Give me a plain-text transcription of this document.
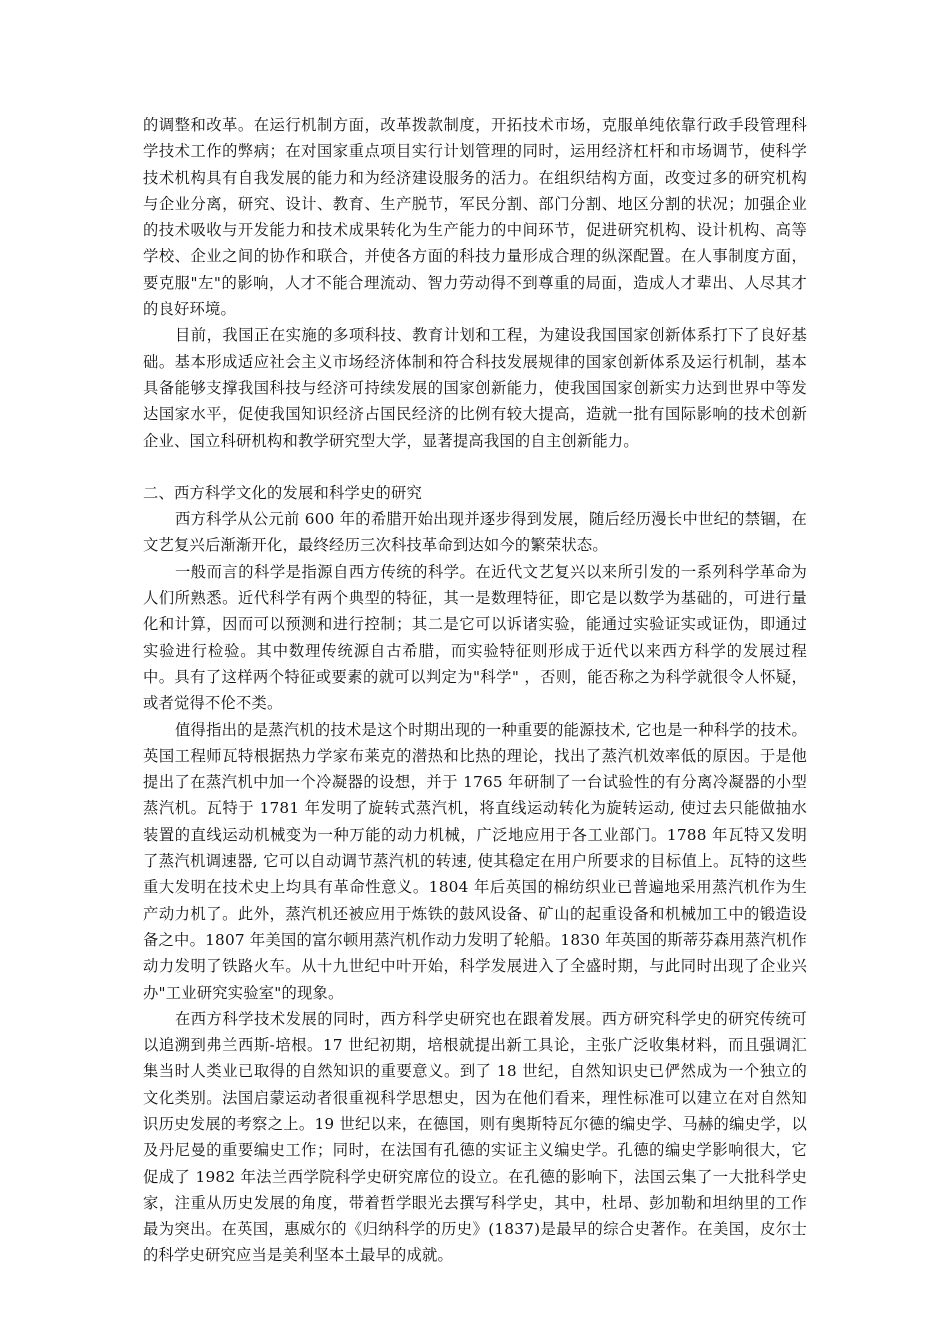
的调整和改革。在运行机制方面，改革拨款制度，开拓技术市场，克服单纯依靠行政手段管理科学技术工作的弊病；在对国家重点项目实行计划管理的同时，运用经济杠杆和市场调节，使科学技术机构具有自我发展的能力和为经济建设服务的活力。在组织结构方面，改变过多的研究机构与企业分离，研究、设计、教育、生产脱节，军民分割、部门分割、地区分割的状况；加强企业的技术吸收与开发能力和技术成果转化为生产能力的中间环节，促进研究机构、设计机构、高等学校、企业之间的协作和联合，并使各方面的科技力量形成合理的纵深配置。在人事制度方面，要克服"左"的影响，人才不能合理流动、智力劳动得不到尊重的局面，造成人才辈出、人尽其才的良好环境。

目前，我国正在实施的多项科技、教育计划和工程，为建设我国国家创新体系打下了良好基础。基本形成适应社会主义市场经济体制和符合科技发展规律的国家创新体系及运行机制，基本具备能够支撑我国科技与经济可持续发展的国家创新能力，使我国国家创新实力达到世界中等发达国家水平，促使我国知识经济占国民经济的比例有较大提高，造就一批有国际影响的技术创新企业、国立科研机构和教学研究型大学，显著提高我国的自主创新能力。

二、西方科学文化的发展和科学史的研究

西方科学从公元前 600 年的希腊开始出现并逐步得到发展，随后经历漫长中世纪的禁锢，在文艺复兴后渐渐开化，最终经历三次科技革命到达如今的繁荣状态。

一般而言的科学是指源自西方传统的科学。在近代文艺复兴以来所引发的一系列科学革命为人们所熟悉。近代科学有两个典型的特征，其一是数理特征，即它是以数学为基础的，可进行量化和计算，因而可以预测和进行控制；其二是它可以诉诸实验，能通过实验证实或证伪，即通过实验进行检验。其中数理传统源自古希腊，而实验特征则形成于近代以来西方科学的发展过程中。具有了这样两个特征或要素的就可以判定为"科学" ，否则，能否称之为科学就很令人怀疑，或者觉得不伦不类。

值得指出的是蒸汽机的技术是这个时期出现的一种重要的能源技术, 它也是一种科学的技术。英国工程师瓦特根据热力学家布莱克的潜热和比热的理论，找出了蒸汽机效率低的原因。于是他提出了在蒸汽机中加一个冷凝器的设想，并于 1765 年研制了一台试验性的有分离冷凝器的小型蒸汽机。瓦特于 1781 年发明了旋转式蒸汽机，将直线运动转化为旋转运动, 使过去只能做抽水装置的直线运动机械变为一种万能的动力机械，广泛地应用于各工业部门。1788 年瓦特又发明了蒸汽机调速器, 它可以自动调节蒸汽机的转速, 使其稳定在用户所要求的目标值上。瓦特的这些重大发明在技术史上均具有革命性意义。1804 年后英国的棉纺织业已普遍地采用蒸汽机作为生产动力机了。此外，蒸汽机还被应用于炼铁的鼓风设备、矿山的起重设备和机械加工中的锻造设备之中。1807 年美国的富尔顿用蒸汽机作动力发明了轮船。1830 年英国的斯蒂芬森用蒸汽机作动力发明了铁路火车。从十九世纪中叶开始，科学发展进入了全盛时期，与此同时出现了企业兴办"工业研究实验室"的现象。

在西方科学技术发展的同时，西方科学史研究也在跟着发展。西方研究科学史的研究传统可以追溯到弗兰西斯-培根。17 世纪初期，培根就提出新工具论，主张广泛收集材料，而且强调汇集当时人类业已取得的自然知识的重要意义。到了 18 世纪，自然知识史已俨然成为一个独立的文化类别。法国启蒙运动者很重视科学思想史，因为在他们看来，理性标准可以建立在对自然知识历史发展的考察之上。19 世纪以来，在德国，则有奥斯特瓦尔德的编史学、马赫的编史学，以及丹尼曼的重要编史工作；同时，在法国有孔德的实证主义编史学。孔德的编史学影响很大，它促成了 1982 年法兰西学院科学史研究席位的设立。在孔德的影响下，法国云集了一大批科学史家，注重从历史发展的角度，带着哲学眼光去撰写科学史，其中，杜昂、彭加勒和坦纳里的工作最为突出。在英国，惠威尔的《归纳科学的历史》(1837)是最早的综合史著作。在美国，皮尔士的科学史研究应当是美利坚本土最早的成就。
